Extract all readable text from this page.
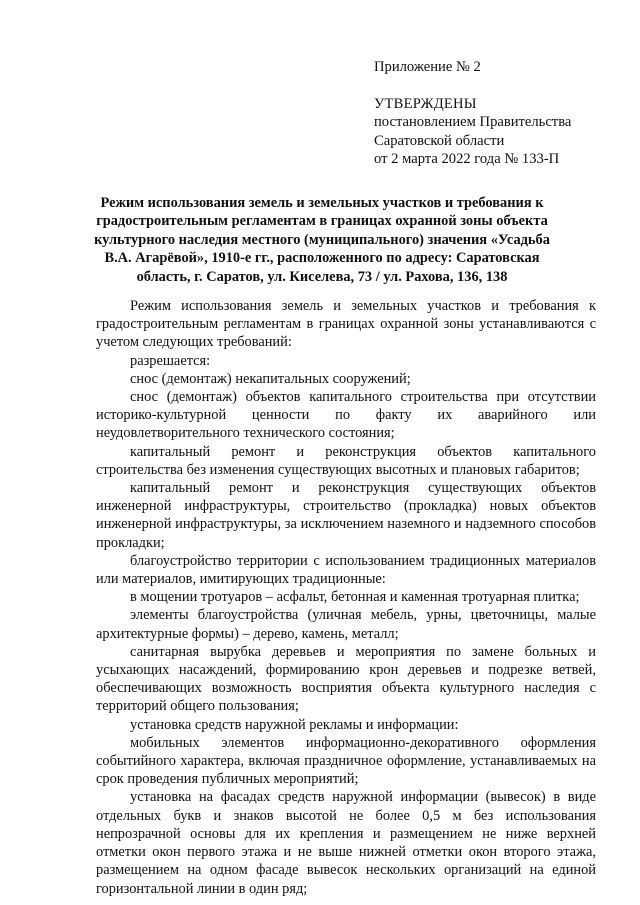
Приложение № 2
УТВЕРЖДЕНЫ
постановлением Правительства
Саратовской области
от 2 марта 2022 года № 133-П
Режим использования земель и земельных участков и требования к градостроительным регламентам в границах охранной зоны объекта культурного наследия местного (муниципального) значения «Усадьба В.А. Агарёвой», 1910-е гг., расположенного по адресу: Саратовская область, г. Саратов, ул. Киселева, 73 / ул. Рахова, 136, 138

Режим использования земель и земельных участков и требования к градостроительным регламентам в границах охранной зоны устанавливаются с учетом следующих требований:

разрешается:

снос (демонтаж) некапитальных сооружений;

снос (демонтаж) объектов капитального строительства при отсутствии историко-культурной ценности по факту их аварийного или неудовлетворительного технического состояния;

капитальный ремонт и реконструкция объектов капитального строительства без изменения существующих высотных и плановых габаритов;

капитальный ремонт и реконструкция существующих объектов инженерной инфраструктуры, строительство (прокладка) новых объектов инженерной инфраструктуры, за исключением наземного и надземного способов прокладки;

благоустройство территории с использованием традиционных материалов или материалов, имитирующих традиционные:

в мощении тротуаров – асфальт, бетонная и каменная тротуарная плитка;

элементы благоустройства (уличная мебель, урны, цветочницы, малые архитектурные формы) – дерево, камень, металл;

санитарная вырубка деревьев и мероприятия по замене больных и усыхающих насаждений, формированию крон деревьев и подрезке ветвей, обеспечивающих возможность восприятия объекта культурного наследия с территорий общего пользования;

установка средств наружной рекламы и информации:

мобильных элементов информационно-декоративного оформления событийного характера, включая праздничное оформление, устанавливаемых на срок проведения публичных мероприятий;

установка на фасадах средств наружной информации (вывесок) в виде отдельных букв и знаков высотой не более 0,5 м без использования непрозрачной основы для их крепления и размещением не ниже верхней отметки окон первого этажа и не выше нижней отметки окон второго этажа, размещением на одном фасаде вывесок нескольких организаций на единой горизонтальной линии в один ряд;
